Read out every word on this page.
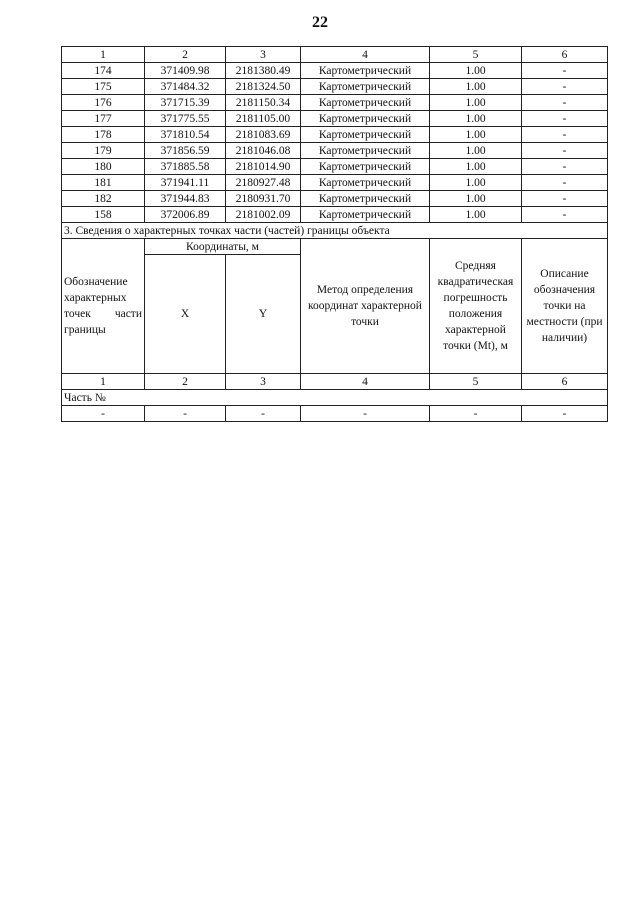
22
1	2	3	4	5	6
174	371409.98	2181380.49	Картометрический	1.00	-
175	371484.32	2181324.50	Картометрический	1.00	-
176	371715.39	2181150.34	Картометрический	1.00	-
177	371775.55	2181105.00	Картометрический	1.00	-
178	371810.54	2181083.69	Картометрический	1.00	-
179	371856.59	2181046.08	Картометрический	1.00	-
180	371885.58	2181014.90	Картометрический	1.00	-
181	371941.11	2180927.48	Картометрический	1.00	-
182	371944.83	2180931.70	Картометрический	1.00	-
158	372006.89	2181002.09	Картометрический	1.00	-
3. Сведения о характерных точках части (частей) границы объекта					
Обозначение характерных точек части границы	Координаты, м		Метод определения координат характерной точки	Средняя квадратическая погрешность положения характерной точки (Mt), м	Описание обозначения точки на местности (при наличии)
	X	Y			
1	2	3	4	5	6
Часть №					
-	-	-	-	-	-
